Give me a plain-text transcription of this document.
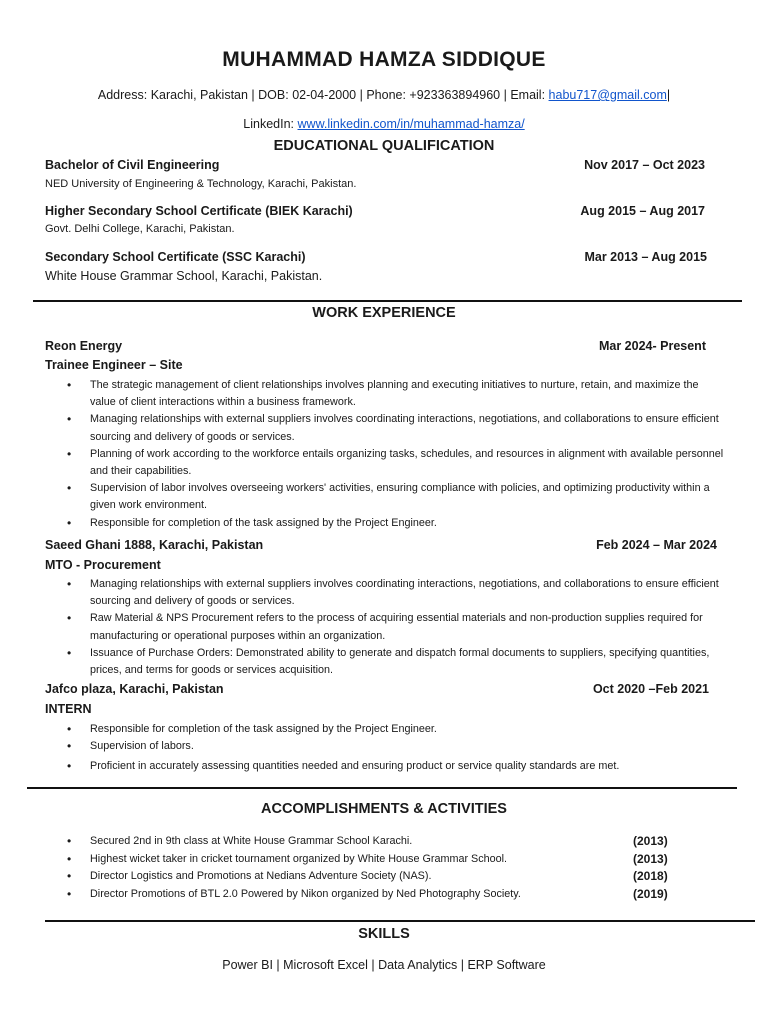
MUHAMMAD HAMZA SIDDIQUE
Address: Karachi, Pakistan | DOB: 02-04-2000 | Phone: +923363894960 | Email: habu717@gmail.com|
LinkedIn: www.linkedin.com/in/muhammad-hamza/
EDUCATIONAL QUALIFICATION
Bachelor of Civil Engineering	Nov 2017 – Oct 2023
NED University of Engineering & Technology, Karachi, Pakistan.
Higher Secondary School Certificate (BIEK Karachi)	Aug 2015 – Aug 2017
Govt. Delhi College, Karachi, Pakistan.
Secondary School Certificate (SSC Karachi)	Mar 2013 – Aug 2015
White House Grammar School, Karachi, Pakistan.
WORK EXPERIENCE
Reon Energy	Mar 2024- Present
Trainee Engineer – Site
• The strategic management of client relationships involves planning and executing initiatives to nurture, retain, and maximize the value of client interactions within a business framework.
• Managing relationships with external suppliers involves coordinating interactions, negotiations, and collaborations to ensure efficient sourcing and delivery of goods or services.
• Planning of work according to the workforce entails organizing tasks, schedules, and resources in alignment with available personnel and their capabilities.
• Supervision of labor involves overseeing workers' activities, ensuring compliance with policies, and optimizing productivity within a given work environment.
• Responsible for completion of the task assigned by the Project Engineer.
Saeed Ghani 1888, Karachi, Pakistan	Feb 2024 – Mar 2024
MTO - Procurement
• Managing relationships with external suppliers involves coordinating interactions, negotiations, and collaborations to ensure efficient sourcing and delivery of goods or services.
• Raw Material & NPS Procurement refers to the process of acquiring essential materials and non-production supplies required for manufacturing or operational purposes within an organization.
• Issuance of Purchase Orders: Demonstrated ability to generate and dispatch formal documents to suppliers, specifying quantities, prices, and terms for goods or services acquisition.
Jafco plaza, Karachi, Pakistan	Oct 2020 –Feb 2021
INTERN
• Responsible for completion of the task assigned by the Project Engineer.
• Supervision of labors.
• Proficient in accurately assessing quantities needed and ensuring product or service quality standards are met.
ACCOMPLISHMENTS & ACTIVITIES
• Secured 2nd in 9th class at White House Grammar School Karachi.	(2013)
• Highest wicket taker in cricket tournament organized by White House Grammar School.	(2013)
• Director Logistics and Promotions at Nedians Adventure Society (NAS).	(2018)
• Director Promotions of BTL 2.0 Powered by Nikon organized by Ned Photography Society.	(2019)
SKILLS
Power BI | Microsoft Excel | Data Analytics | ERP Software
